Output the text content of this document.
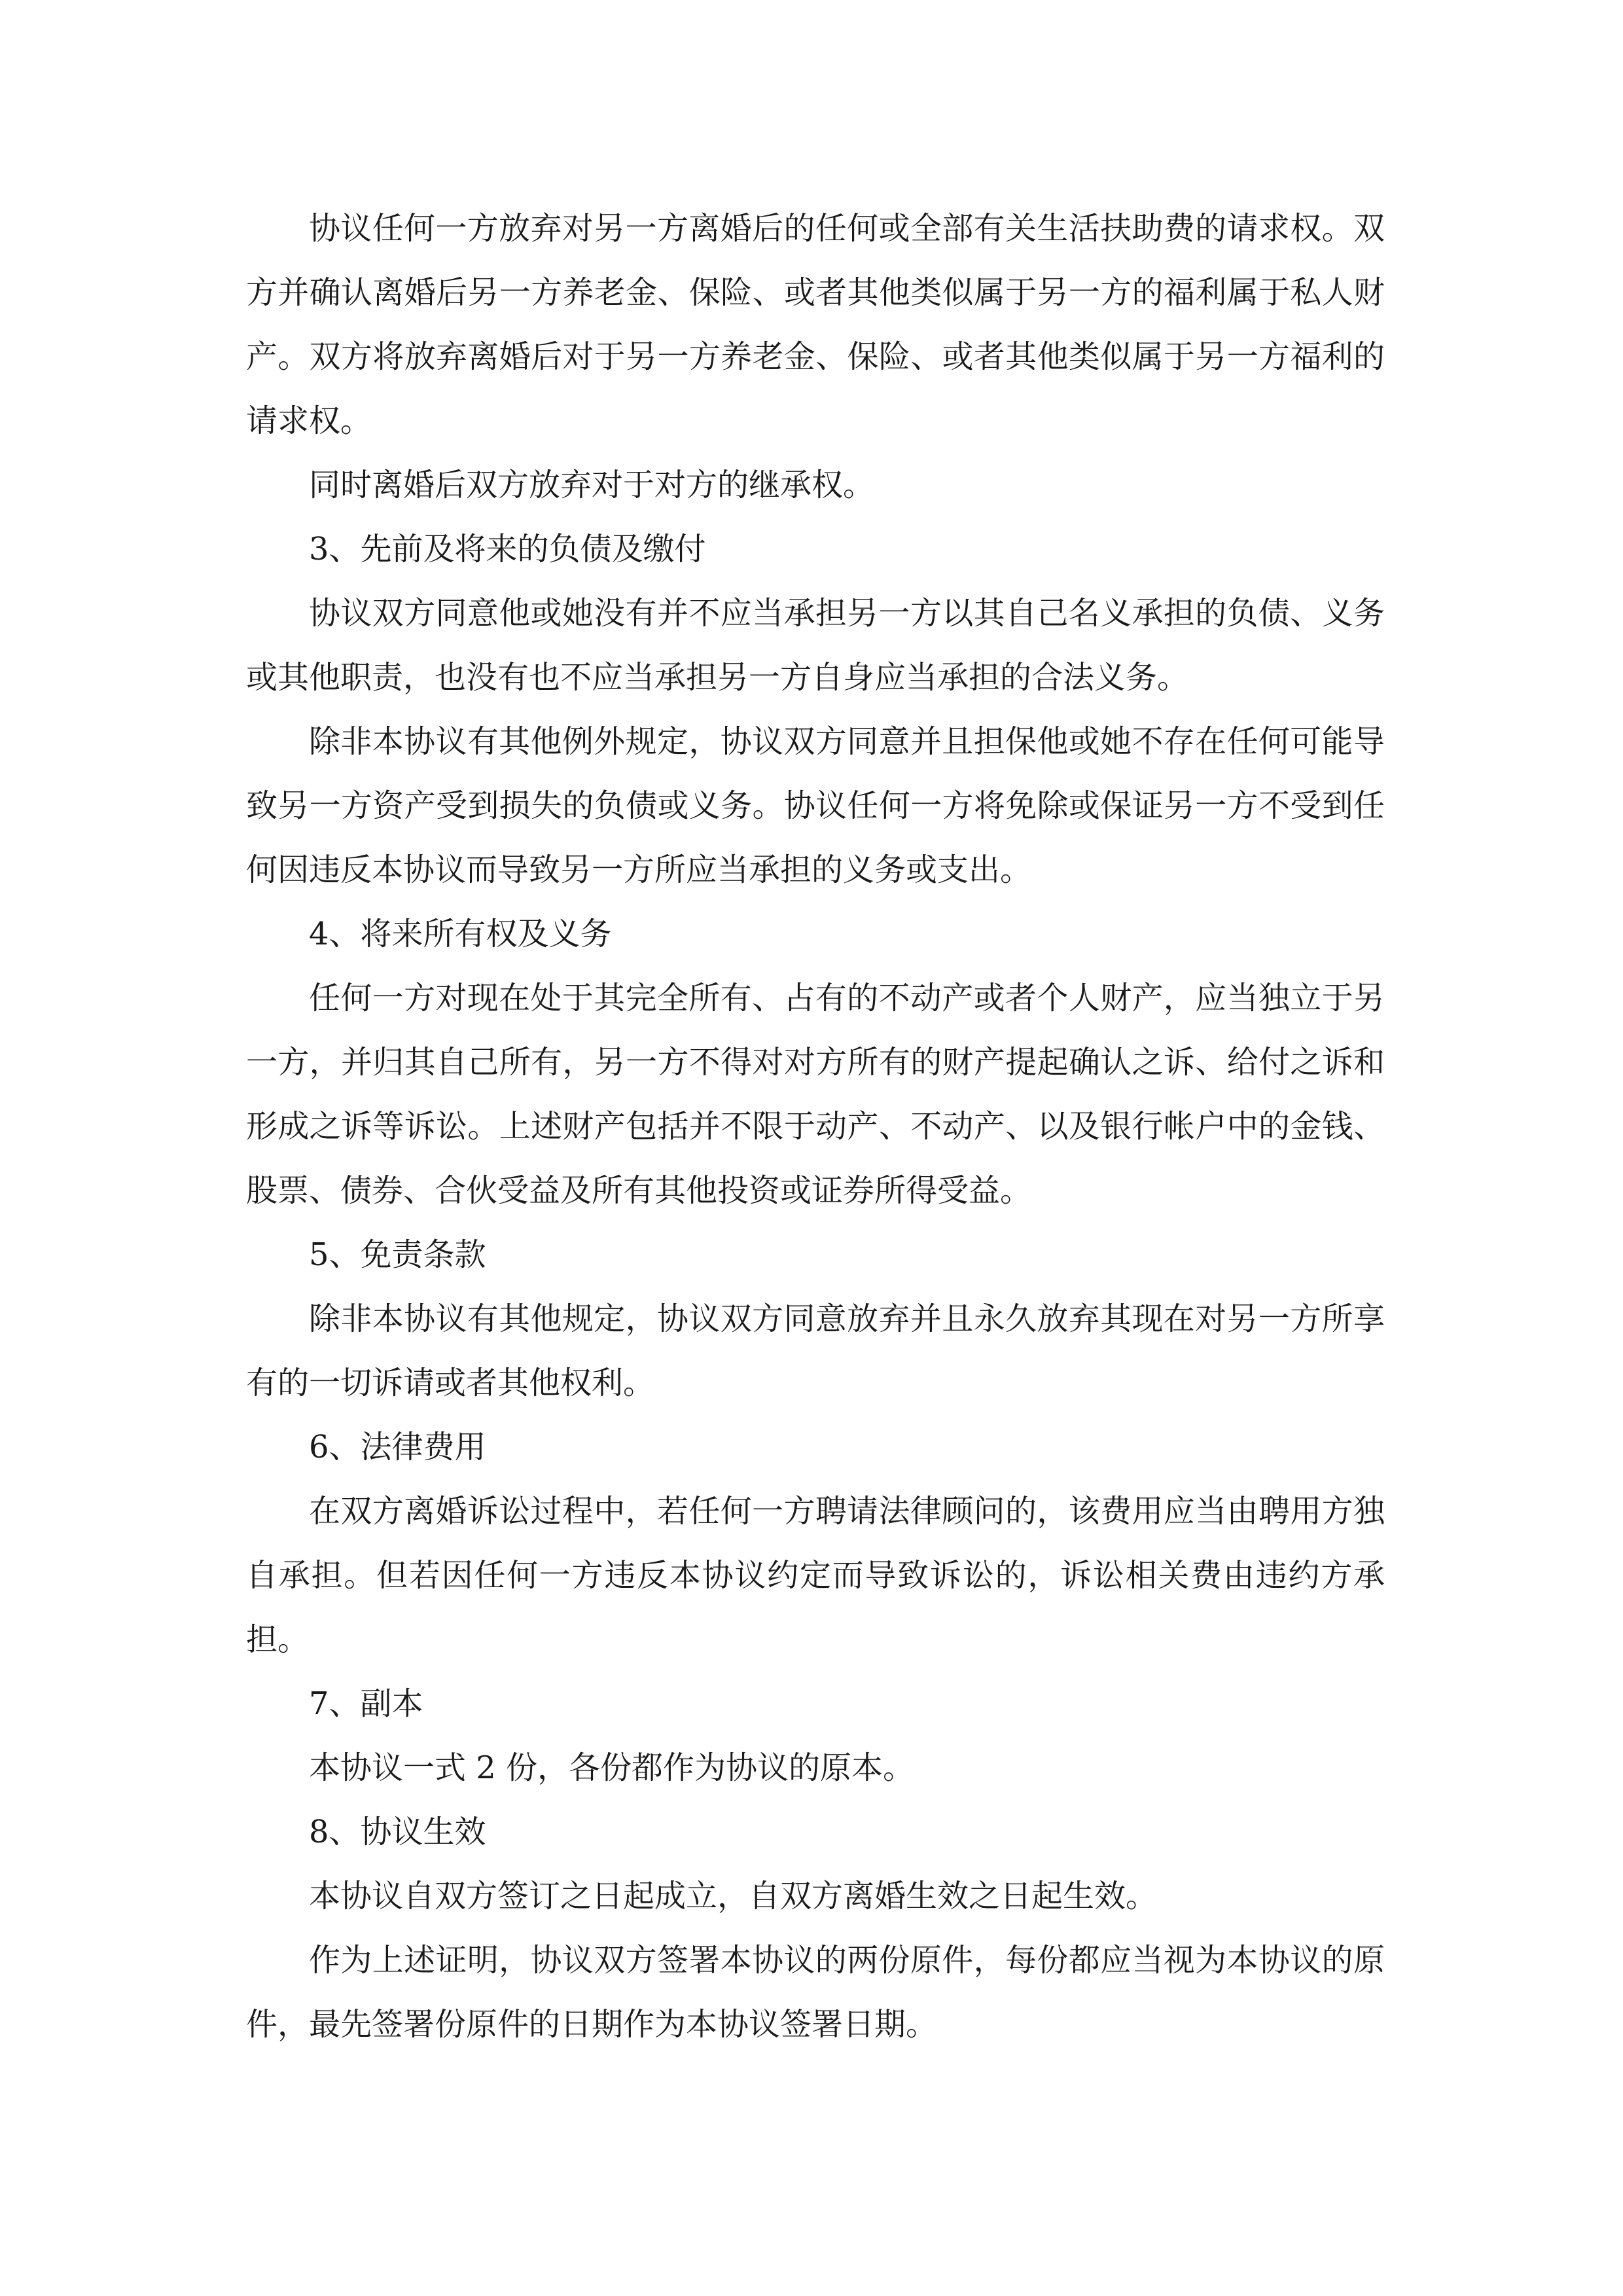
协议任何一方放弃对另一方离婚后的任何或全部有关生活扶助费的请求权。双方并确认离婚后另一方养老金、保险、或者其他类似属于另一方的福利属于私人财产。双方将放弃离婚后对于另一方养老金、保险、或者其他类似属于另一方福利的请求权。

同时离婚后双方放弃对于对方的继承权。

3、先前及将来的负债及缴付

协议双方同意他或她没有并不应当承担另一方以其自己名义承担的负债、义务或其他职责，也没有也不应当承担另一方自身应当承担的合法义务。

除非本协议有其他例外规定，协议双方同意并且担保他或她不存在任何可能导致另一方资产受到损失的负债或义务。协议任何一方将免除或保证另一方不受到任何因违反本协议而导致另一方所应当承担的义务或支出。

4、将来所有权及义务

任何一方对现在处于其完全所有、占有的不动产或者个人财产，应当独立于另一方，并归其自己所有，另一方不得对对方所有的财产提起确认之诉、给付之诉和形成之诉等诉讼。上述财产包括并不限于动产、不动产、以及银行帐户中的金钱、股票、债券、合伙受益及所有其他投资或证券所得受益。

5、免责条款

除非本协议有其他规定，协议双方同意放弃并且永久放弃其现在对另一方所享有的一切诉请或者其他权利。

6、法律费用

在双方离婚诉讼过程中，若任何一方聘请法律顾问的，该费用应当由聘用方独自承担。但若因任何一方违反本协议约定而导致诉讼的，诉讼相关费由违约方承担。

7、副本

本协议一式 2 份，各份都作为协议的原本。

8、协议生效

本协议自双方签订之日起成立，自双方离婚生效之日起生效。

作为上述证明，协议双方签署本协议的两份原件，每份都应当视为本协议的原件，最先签署份原件的日期作为本协议签署日期。
